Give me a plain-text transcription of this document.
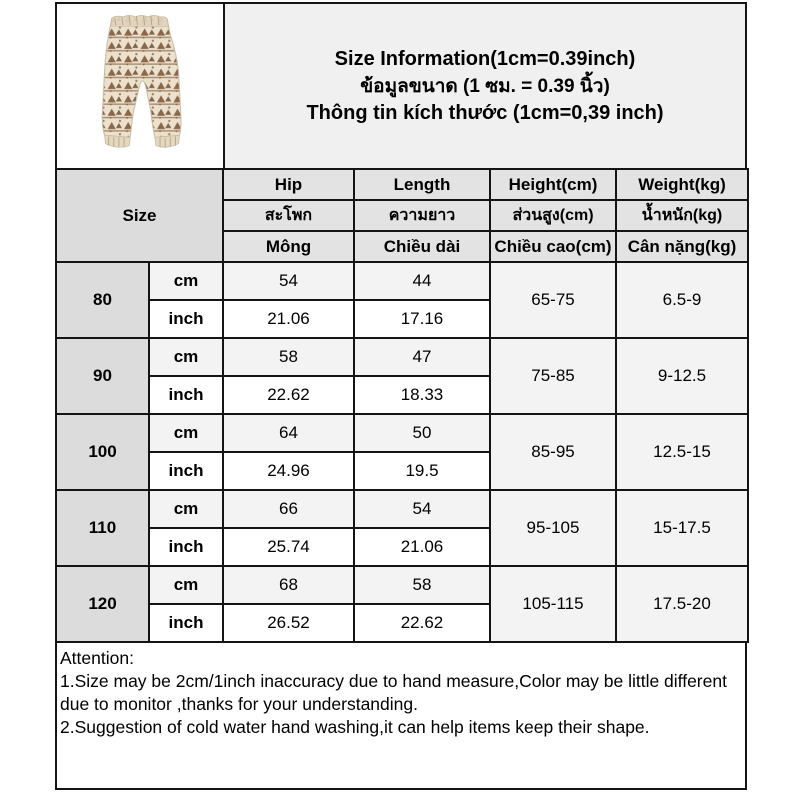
Size Information(1cm=0.39inch)
ข้อมูลขนาด (1 ซม. = 0.39 นิ้ว)
Thông tin kích thước (1cm=0,39 inch)
Size		Hip	Length	Height(cm)	Weight(kg)
		สะโพก	ความยาว	ส่วนสูง(cm)	น้ำหนัก(kg)
		Mông	Chiều dài	Chiều cao(cm)	Cân nặng(kg)
80	cm	54	44	65-75	6.5-9
	inch	21.06	17.16		
90	cm	58	47	75-85	9-12.5
	inch	22.62	18.33		
100	cm	64	50	85-95	12.5-15
	inch	24.96	19.5		
110	cm	66	54	95-105	15-17.5
	inch	25.74	21.06		
120	cm	68	58	105-115	17.5-20
	inch	26.52	22.62		
Attention:
1.Size may be 2cm/1inch inaccuracy due to hand measure,Color may be little different due to monitor ,thanks for your understanding.
2.Suggestion of cold water hand washing,it can help items keep their shape.
